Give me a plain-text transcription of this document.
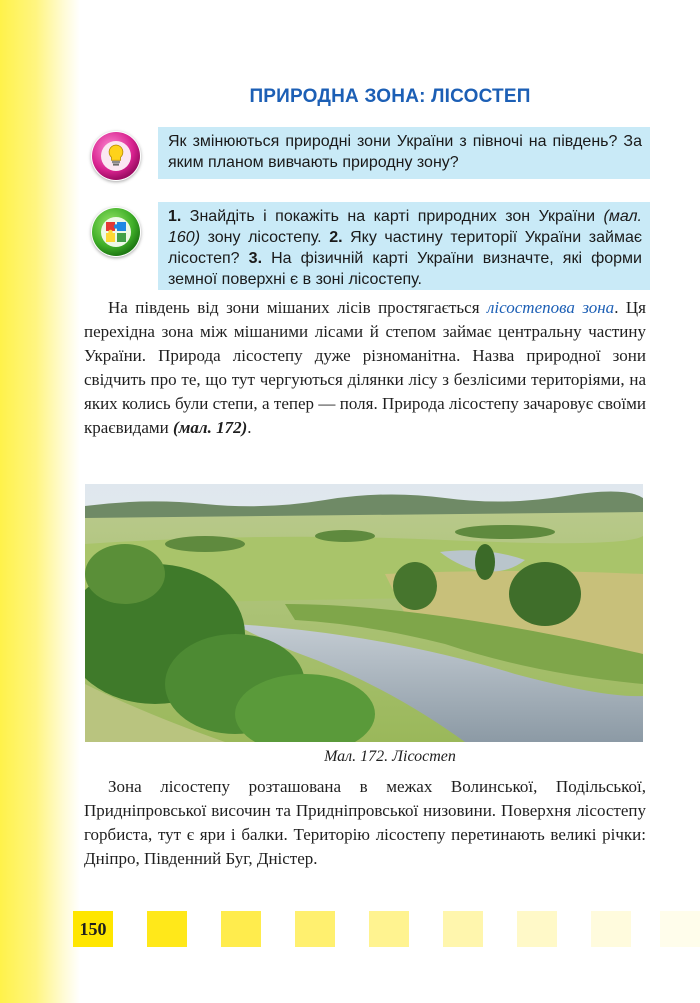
ПРИРОДНА ЗОНА: ЛІСОСТЕП
Як змінюються природні зони України з півночі на південь? За яким планом вивчають природну зону?
1. Знайдіть і покажіть на карті природних зон України (мал. 160) зону лісостепу. 2. Яку частину території України займає лісостеп? 3. На фізичній карті України визначте, які форми земної поверхні є в зоні лісостепу.

На південь від зони мішаних лісів простягається лісостепова зона. Ця перехідна зона між мішаними лісами й степом займає центральну частину України. Природа лісостепу дуже різноманітна. Назва природної зони свідчить про те, що тут чергуються ділянки лісу з безлісими територіями, на яких колись були степи, а тепер — поля. Природа лісостепу зачаровує своїми краєвидами (мал. 172).

Мал. 172. Лісостеп

Зона лісостепу розташована в межах Волинської, Подільської, Придніпровської височин та Придніпровської низовини. Поверхня лісостепу горбиста, тут є яри і балки. Територію лісостепу перетинають великі річки: Дніпро, Південний Буг, Дністер.

150
